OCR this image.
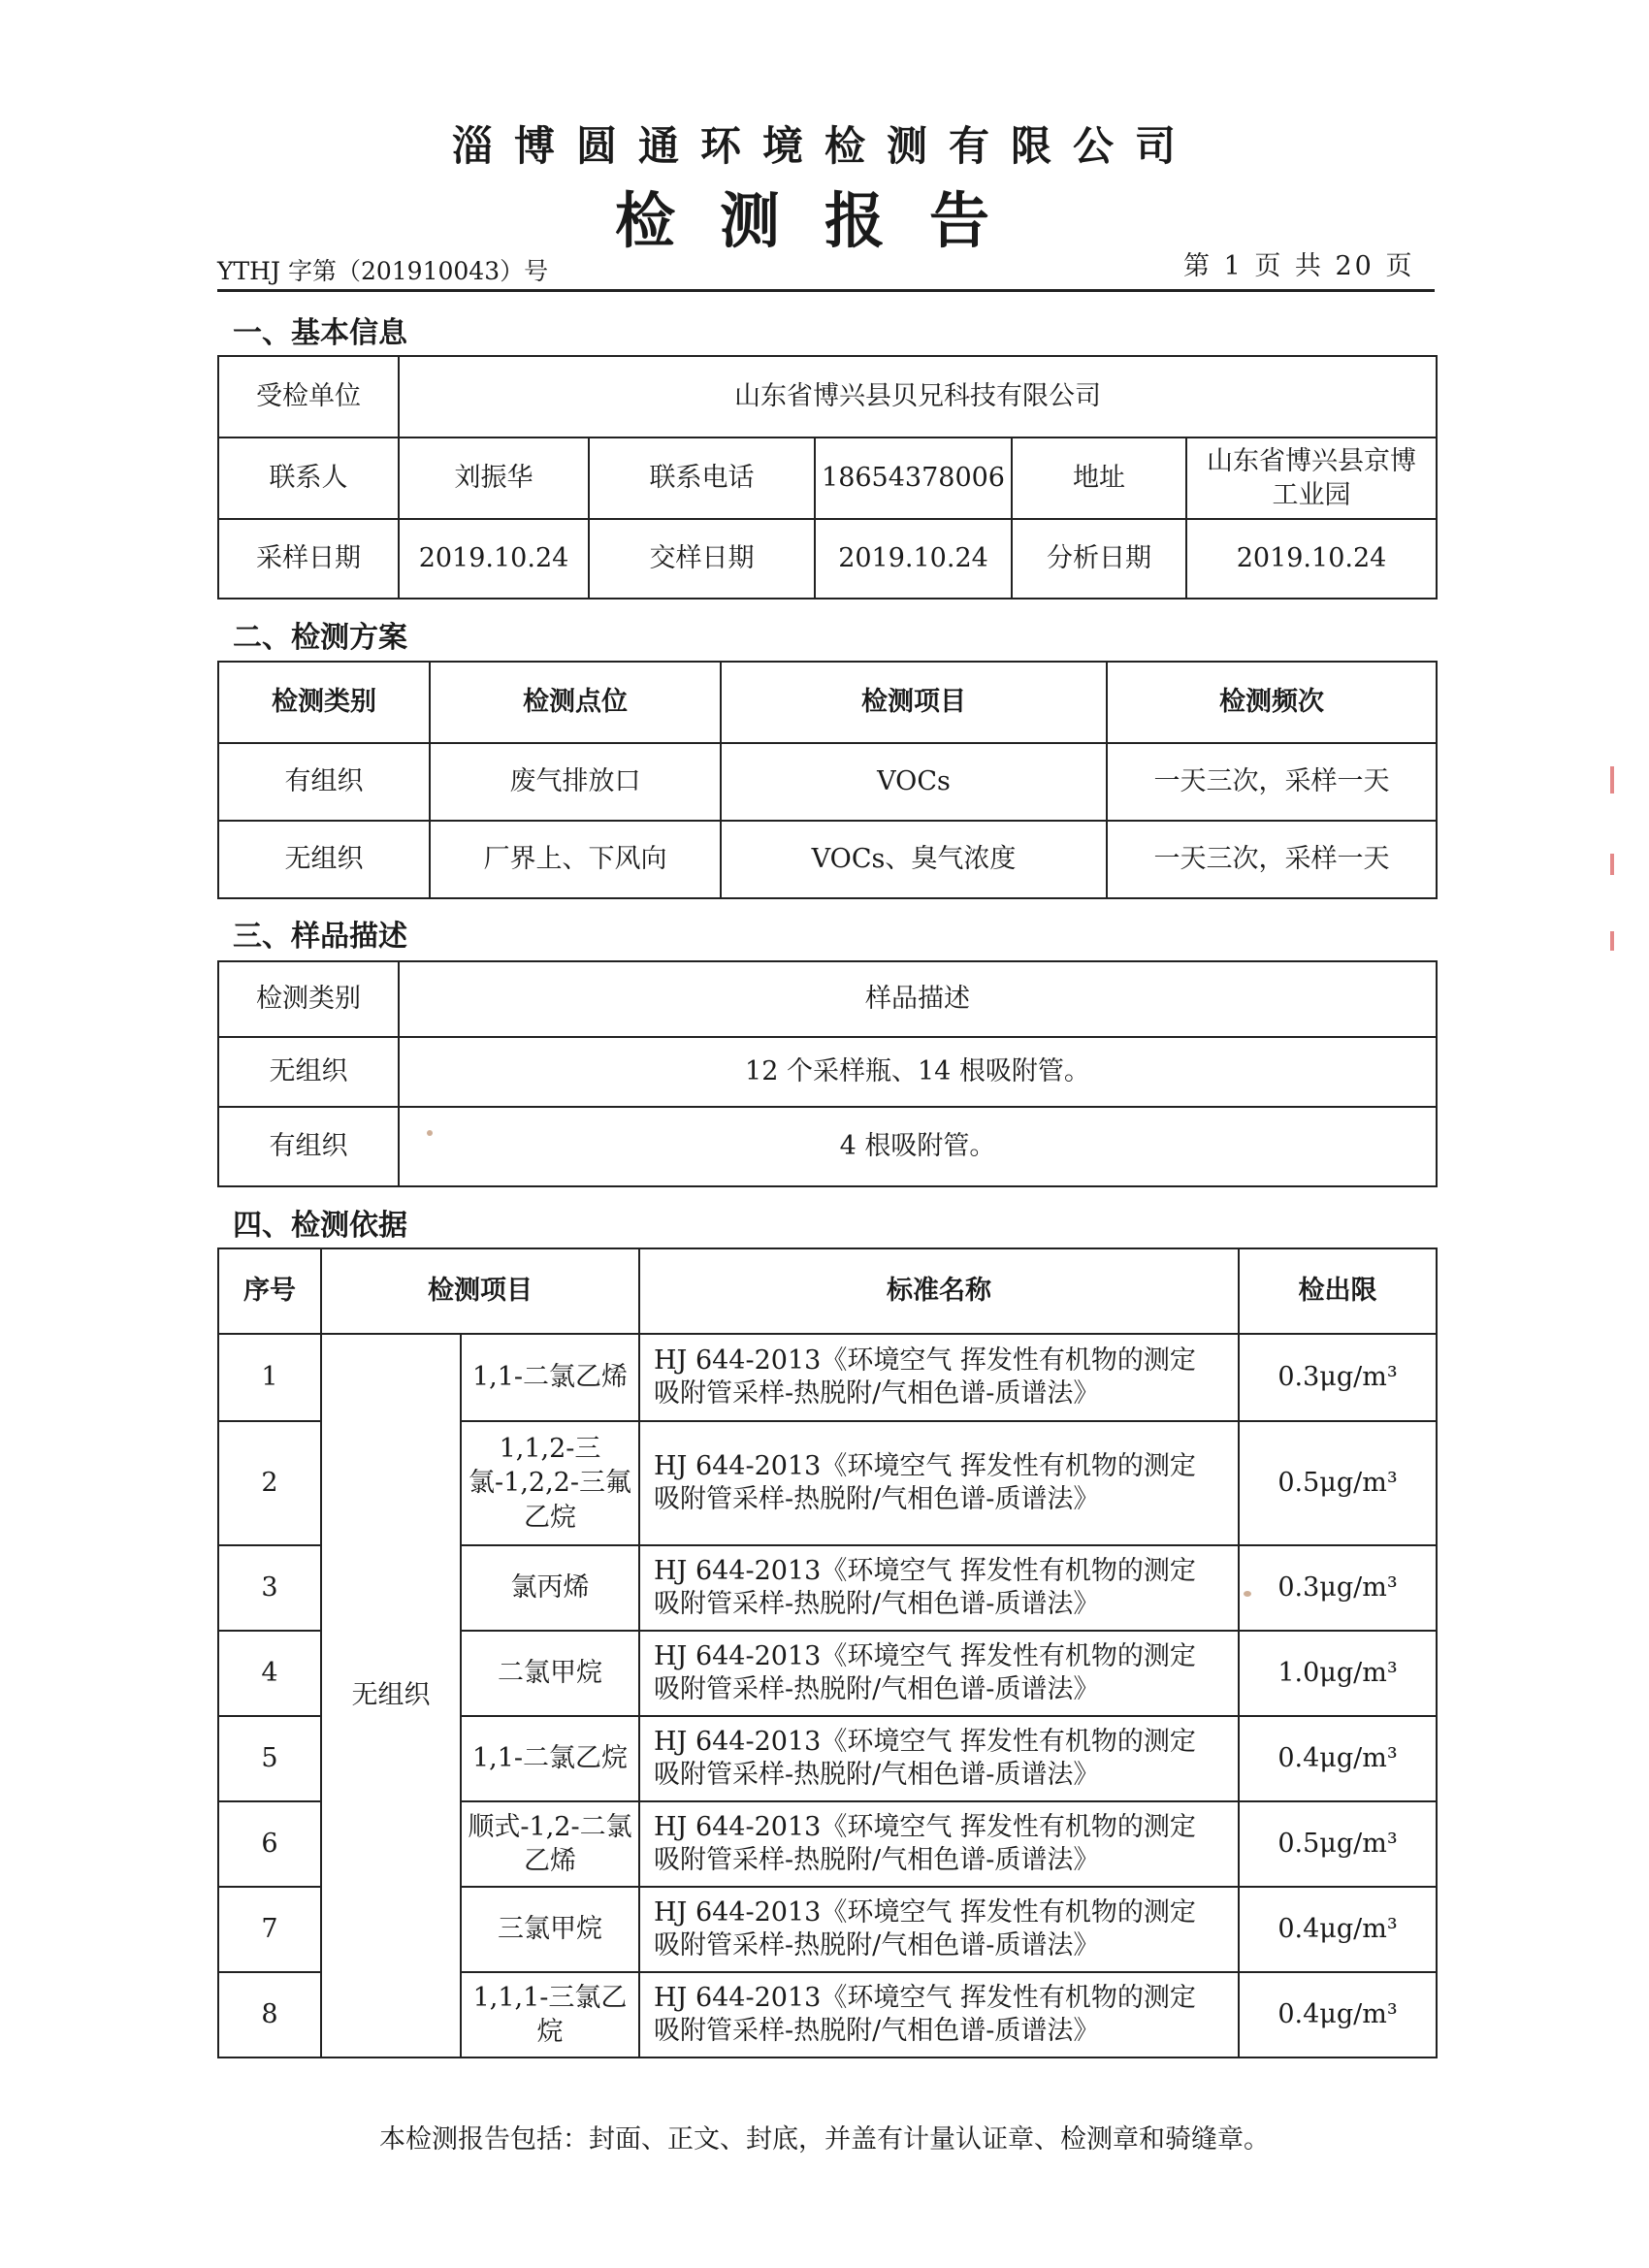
淄博圆通环境检测有限公司
检测报告
YTHJ 字第（201910043）号	第 1 页 共 20 页
一、基本信息
受检单位	山东省博兴县贝兄科技有限公司				
联系人	刘振华	联系电话	18654378006	地址	山东省博兴县京博工业园
采样日期	2019.10.24	交样日期	2019.10.24	分析日期	2019.10.24
二、检测方案
检测类别	检测点位	检测项目	检测频次
有组织	废气排放口	VOCs	一天三次，采样一天
无组织	厂界上、下风向	VOCs、臭气浓度	一天三次，采样一天
三、样品描述
检测类别	样品描述
无组织	12 个采样瓶、14 根吸附管。
有组织	4 根吸附管。
四、检测依据
序号	检测项目		标准名称	检出限
1	无组织	1,1-二氯乙烯	HJ 644-2013《环境空气 挥发性有机物的测定
吸附管采样-热脱附/气相色谱-质谱法》	0.3μg/m³
2		1,1,2-三氯-1,2,2-三氟乙烷	HJ 644-2013《环境空气 挥发性有机物的测定
吸附管采样-热脱附/气相色谱-质谱法》	0.5μg/m³
3		氯丙烯	HJ 644-2013《环境空气 挥发性有机物的测定
吸附管采样-热脱附/气相色谱-质谱法》	0.3μg/m³
4		二氯甲烷	HJ 644-2013《环境空气 挥发性有机物的测定
吸附管采样-热脱附/气相色谱-质谱法》	1.0μg/m³
5		1,1-二氯乙烷	HJ 644-2013《环境空气 挥发性有机物的测定
吸附管采样-热脱附/气相色谱-质谱法》	0.4μg/m³
6		顺式-1,2-二氯乙烯	HJ 644-2013《环境空气 挥发性有机物的测定
吸附管采样-热脱附/气相色谱-质谱法》	0.5μg/m³
7		三氯甲烷	HJ 644-2013《环境空气 挥发性有机物的测定
吸附管采样-热脱附/气相色谱-质谱法》	0.4μg/m³
8		1,1,1-三氯乙烷	HJ 644-2013《环境空气 挥发性有机物的测定
吸附管采样-热脱附/气相色谱-质谱法》	0.4μg/m³
本检测报告包括：封面、正文、封底，并盖有计量认证章、检测章和骑缝章。
